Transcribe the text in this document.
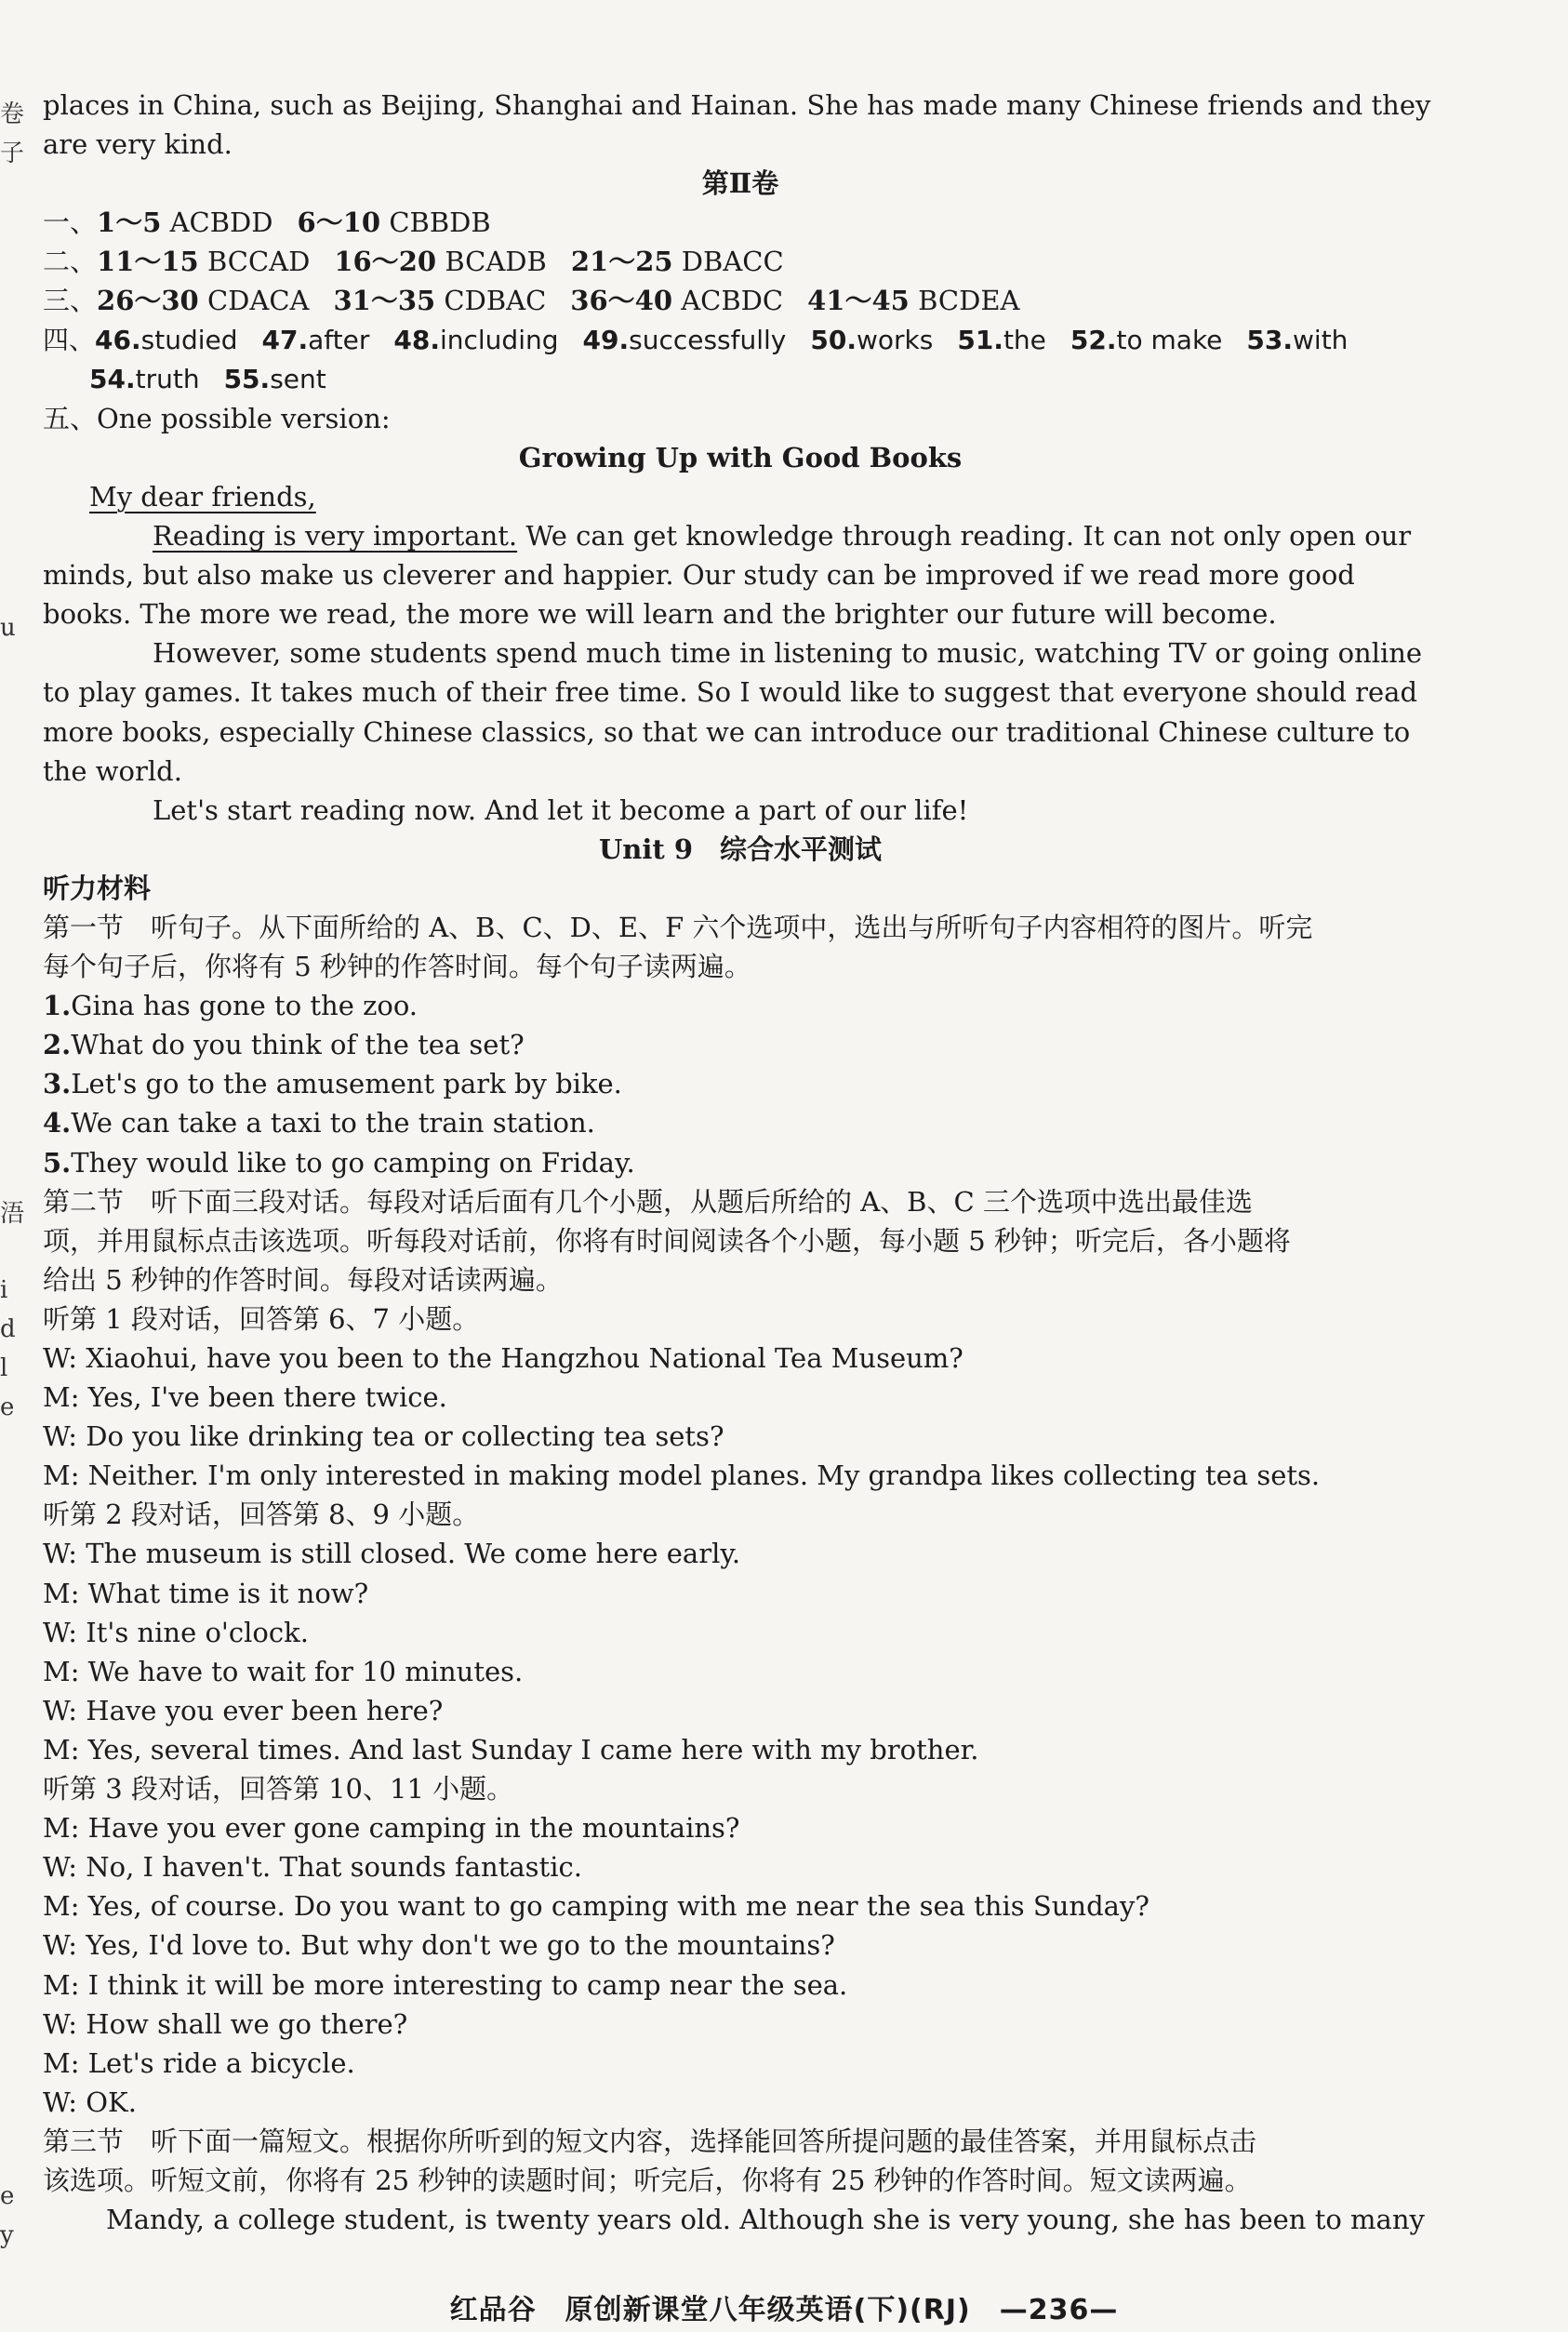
卷
子
u
浯
i
d
l
e
e
y
places in China, such as Beijing, Shanghai and Hainan. She has made many Chinese friends and they
are very kind.
第Ⅱ卷
一、1～5 ACBDD 6～10 CBBDB
二、11～15 BCCAD 16～20 BCADB 21～25 DBACC
三、26～30 CDACA 31～35 CDBAC 36～40 ACBDC 41～45 BCDEA
四、46.studied 47.after 48.including 49.successfully 50.works 51.the 52.to make 53.with
54.truth 55.sent
五、One possible version:
Growing Up with Good Books
My dear friends,
Reading is very important. We can get knowledge through reading. It can not only open our
minds, but also make us cleverer and happier. Our study can be improved if we read more good
books. The more we read, the more we will learn and the brighter our future will become.
However, some students spend much time in listening to music, watching TV or going online
to play games. It takes much of their free time. So I would like to suggest that everyone should read
more books, especially Chinese classics, so that we can introduce our traditional Chinese culture to
the world.
Let's start reading now. And let it become a part of our life!
Unit 9　综合水平测试
听力材料
第一节　听句子。从下面所给的 A、B、C、D、E、F 六个选项中，选出与所听句子内容相符的图片。听完
每个句子后，你将有 5 秒钟的作答时间。每个句子读两遍。
1.Gina has gone to the zoo.
2.What do you think of the tea set?
3.Let's go to the amusement park by bike.
4.We can take a taxi to the train station.
5.They would like to go camping on Friday.
第二节　听下面三段对话。每段对话后面有几个小题，从题后所给的 A、B、C 三个选项中选出最佳选
项，并用鼠标点击该选项。听每段对话前，你将有时间阅读各个小题，每小题 5 秒钟；听完后，各小题将
给出 5 秒钟的作答时间。每段对话读两遍。
听第 1 段对话，回答第 6、7 小题。
W: Xiaohui, have you been to the Hangzhou National Tea Museum?
M: Yes, I've been there twice.
W: Do you like drinking tea or collecting tea sets?
M: Neither. I'm only interested in making model planes. My grandpa likes collecting tea sets.
听第 2 段对话，回答第 8、9 小题。
W: The museum is still closed. We come here early.
M: What time is it now?
W: It's nine o'clock.
M: We have to wait for 10 minutes.
W: Have you ever been here?
M: Yes, several times. And last Sunday I came here with my brother.
听第 3 段对话，回答第 10、11 小题。
M: Have you ever gone camping in the mountains?
W: No, I haven't. That sounds fantastic.
M: Yes, of course. Do you want to go camping with me near the sea this Sunday?
W: Yes, I'd love to. But why don't we go to the mountains?
M: I think it will be more interesting to camp near the sea.
W: How shall we go there?
M: Let's ride a bicycle.
W: OK.
第三节　听下面一篇短文。根据你所听到的短文内容，选择能回答所提问题的最佳答案，并用鼠标点击
该选项。听短文前，你将有 25 秒钟的读题时间；听完后，你将有 25 秒钟的作答时间。短文读两遍。
Mandy, a college student, is twenty years old. Although she is very young, she has been to many
红品谷　原创新课堂八年级英语(下)(RJ)　—236—
